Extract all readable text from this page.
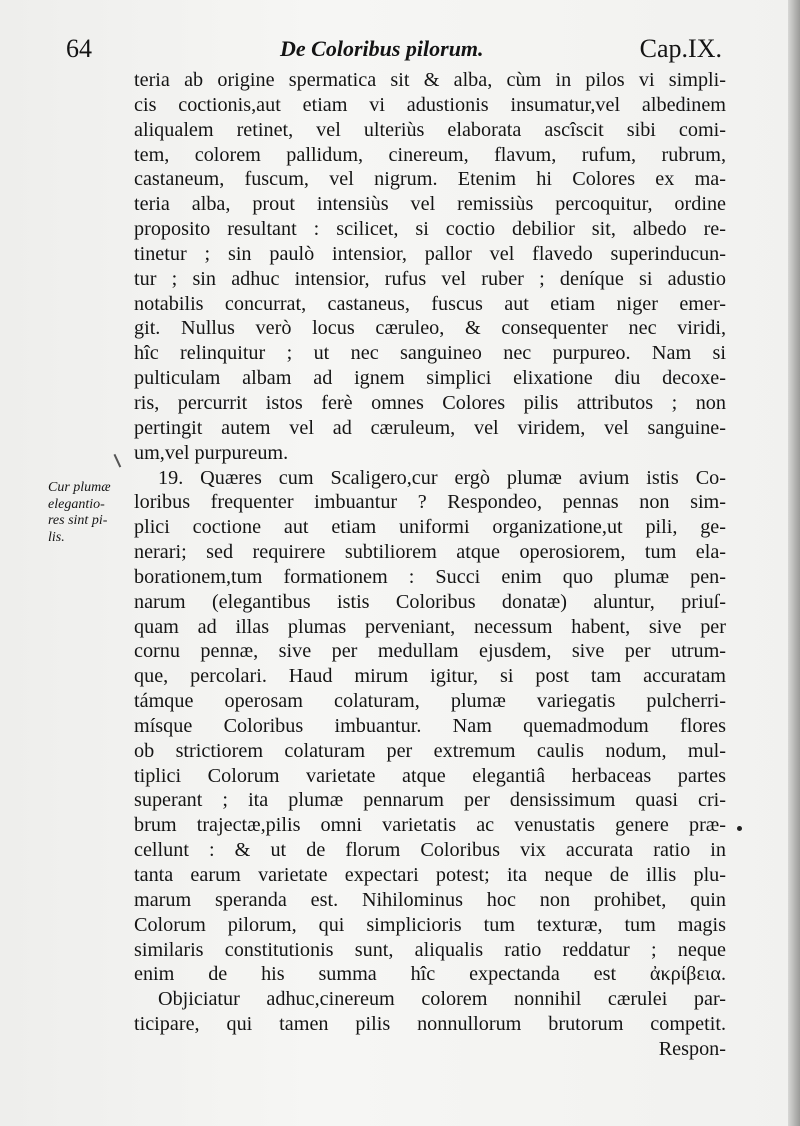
64	De Coloribus pilorum.	Cap.IX.
Cur plumæ
elegantio-
res sint pi-
lis.
teria ab origine spermatica sit & alba, cùm in pilos vi simpli-
cis coctionis,aut etiam vi adustionis insumatur,vel albedinem
aliqualem retinet, vel ulteriùs elaborata ascîscit sibi comi-
tem, colorem pallidum, cinereum, flavum, rufum, rubrum,
castaneum, fuscum, vel nigrum. Etenim hi Colores ex ma-
teria alba, prout intensiùs vel remissiùs percoquitur, ordine
proposito resultant : scilicet, si coctio debilior sit, albedo re-
tinetur ; sin paulò intensior, pallor vel flavedo superinducun-
tur ; sin adhuc intensior, rufus vel ruber ; deníque si adustio
notabilis concurrat, castaneus, fuscus aut etiam niger emer-
git. Nullus verò locus cæruleo, & consequenter nec viridi,
hîc relinquitur ; ut nec sanguineo nec purpureo. Nam si
pulticulam albam ad ignem simplici elixatione diu decoxe-
ris, percurrit istos ferè omnes Colores pilis attributos ; non
pertingit autem vel ad cæruleum, vel viridem, vel sanguine-
um,vel purpureum.
19. Quæres cum Scaligero,cur ergò plumæ avium istis Co-
loribus frequenter imbuantur ? Respondeo, pennas non sim-
plici coctione aut etiam uniformi organizatione,ut pili, ge-
nerari; sed requirere subtiliorem atque operosiorem, tum ela-
borationem,tum formationem : Succi enim quo plumæ pen-
narum (elegantibus istis Coloribus donatæ) aluntur, priuſ-
quam ad illas plumas perveniant, necessum habent, sive per
cornu pennæ, sive per medullam ejusdem, sive per utrum-
que, percolari. Haud mirum igitur, si post tam accuratam
támque operosam colaturam, plumæ variegatis pulcherri-
mísque Coloribus imbuantur. Nam quemadmodum flores
ob strictiorem colaturam per extremum caulis nodum, mul-
tiplici Colorum varietate atque elegantiâ herbaceas partes
superant ; ita plumæ pennarum per densissimum quasi cri-
brum trajectæ,pilis omni varietatis ac venustatis genere præ-
cellunt : & ut de florum Coloribus vix accurata ratio in
tanta earum varietate expectari potest; ita neque de illis plu-
marum speranda est. Nihilominus hoc non prohibet, quin
Colorum pilorum, qui simplicioris tum texturæ, tum magis
similaris constitutionis sunt, aliqualis ratio reddatur ; neque
enim de his summa hîc expectanda est ἀκρίβεια.
Objiciatur adhuc,cinereum colorem nonnihil cærulei par-
ticipare, qui tamen pilis nonnullorum brutorum competit.
Respon-
